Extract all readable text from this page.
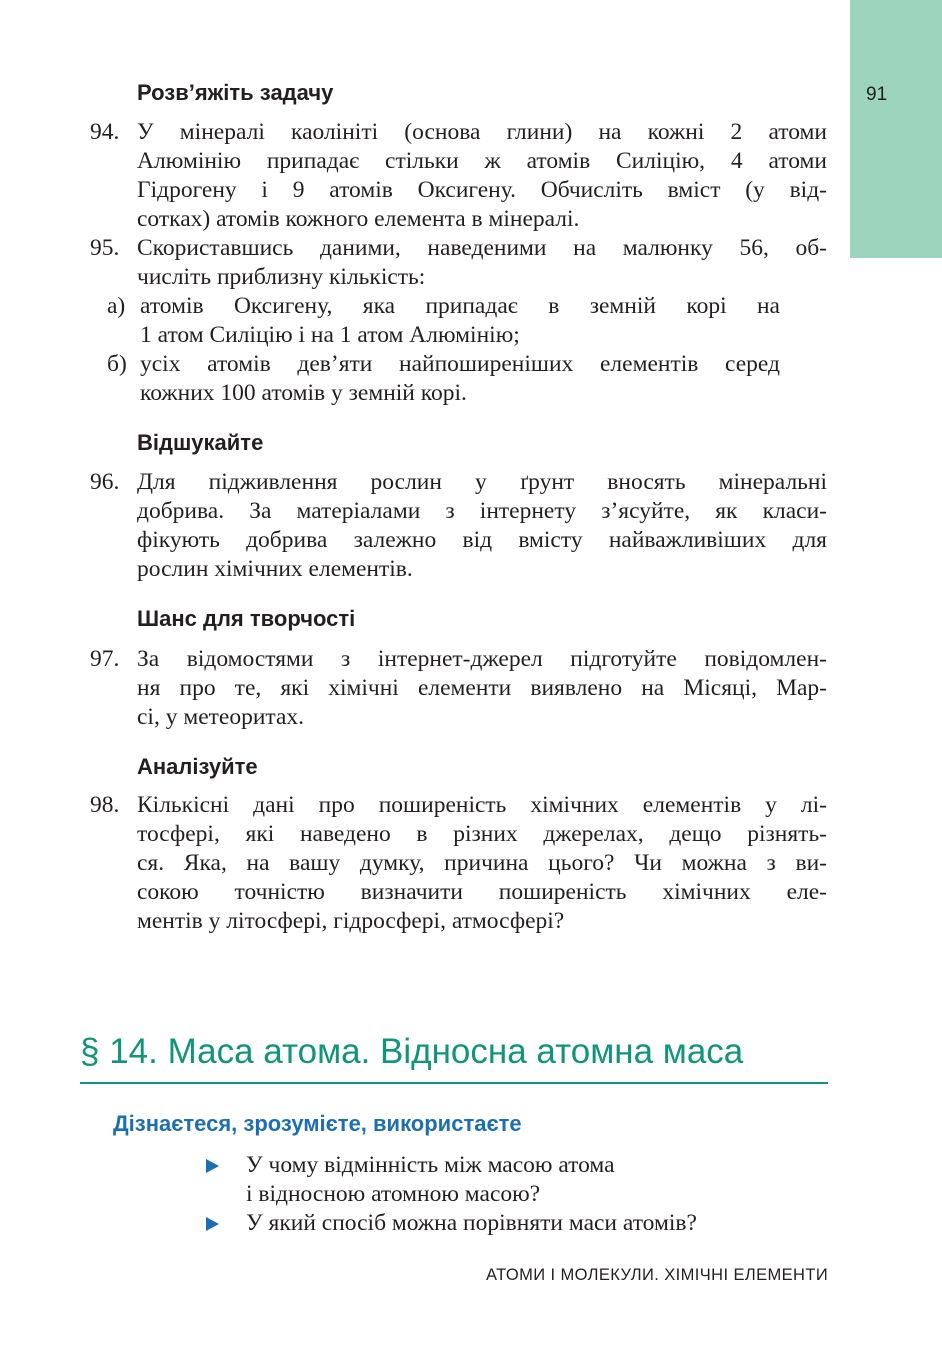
91
Розв’яжіть задачу
94. У мінералі каолініті (основа глини) на кожні 2 атоми
Алюмінію припадає стільки ж атомів Силіцію, 4 атоми
Гідрогену і 9 атомів Оксигену. Обчисліть вміст (у від-
сотках) атомів кожного елемента в мінералі.
95. Скориставшись даними, наведеними на малюнку 56, об-
числіть приблизну кількість:
а) атомів Оксигену, яка припадає в земній корі на
1 атом Силіцію і на 1 атом Алюмінію;
б) усіх атомів дев’яти найпоширеніших елементів серед
кожних 100 атомів у земній корі.
Відшукайте
96. Для підживлення рослин у ґрунт вносять мінеральні
добрива. За матеріалами з інтернету з’ясуйте, як класи-
фікують добрива залежно від вмісту найважливіших для
рослин хімічних елементів.
Шанс для творчості
97. За відомостями з інтернет-джерел підготуйте повідомлен-
ня про те, які хімічні елементи виявлено на Місяці, Мар-
сі, у метеоритах.
Аналізуйте
98. Кількісні дані про поширеність хімічних елементів у лі-
тосфері, які наведено в різних джерелах, дещо різнять-
ся. Яка, на вашу думку, причина цього? Чи можна з ви-
сокою точністю визначити поширеність хімічних еле-
ментів у літосфері, гідросфері, атмосфері?
§ 14. Маса атома. Відносна атомна маса
Дізнаєтеся, зрозумієте, використаєте
У чому відмінність між масою атома
і відносною атомною масою?
У який спосіб можна порівняти маси атомів?
АТОМИ І МОЛЕКУЛИ. ХІМІЧНІ ЕЛЕМЕНТИ
